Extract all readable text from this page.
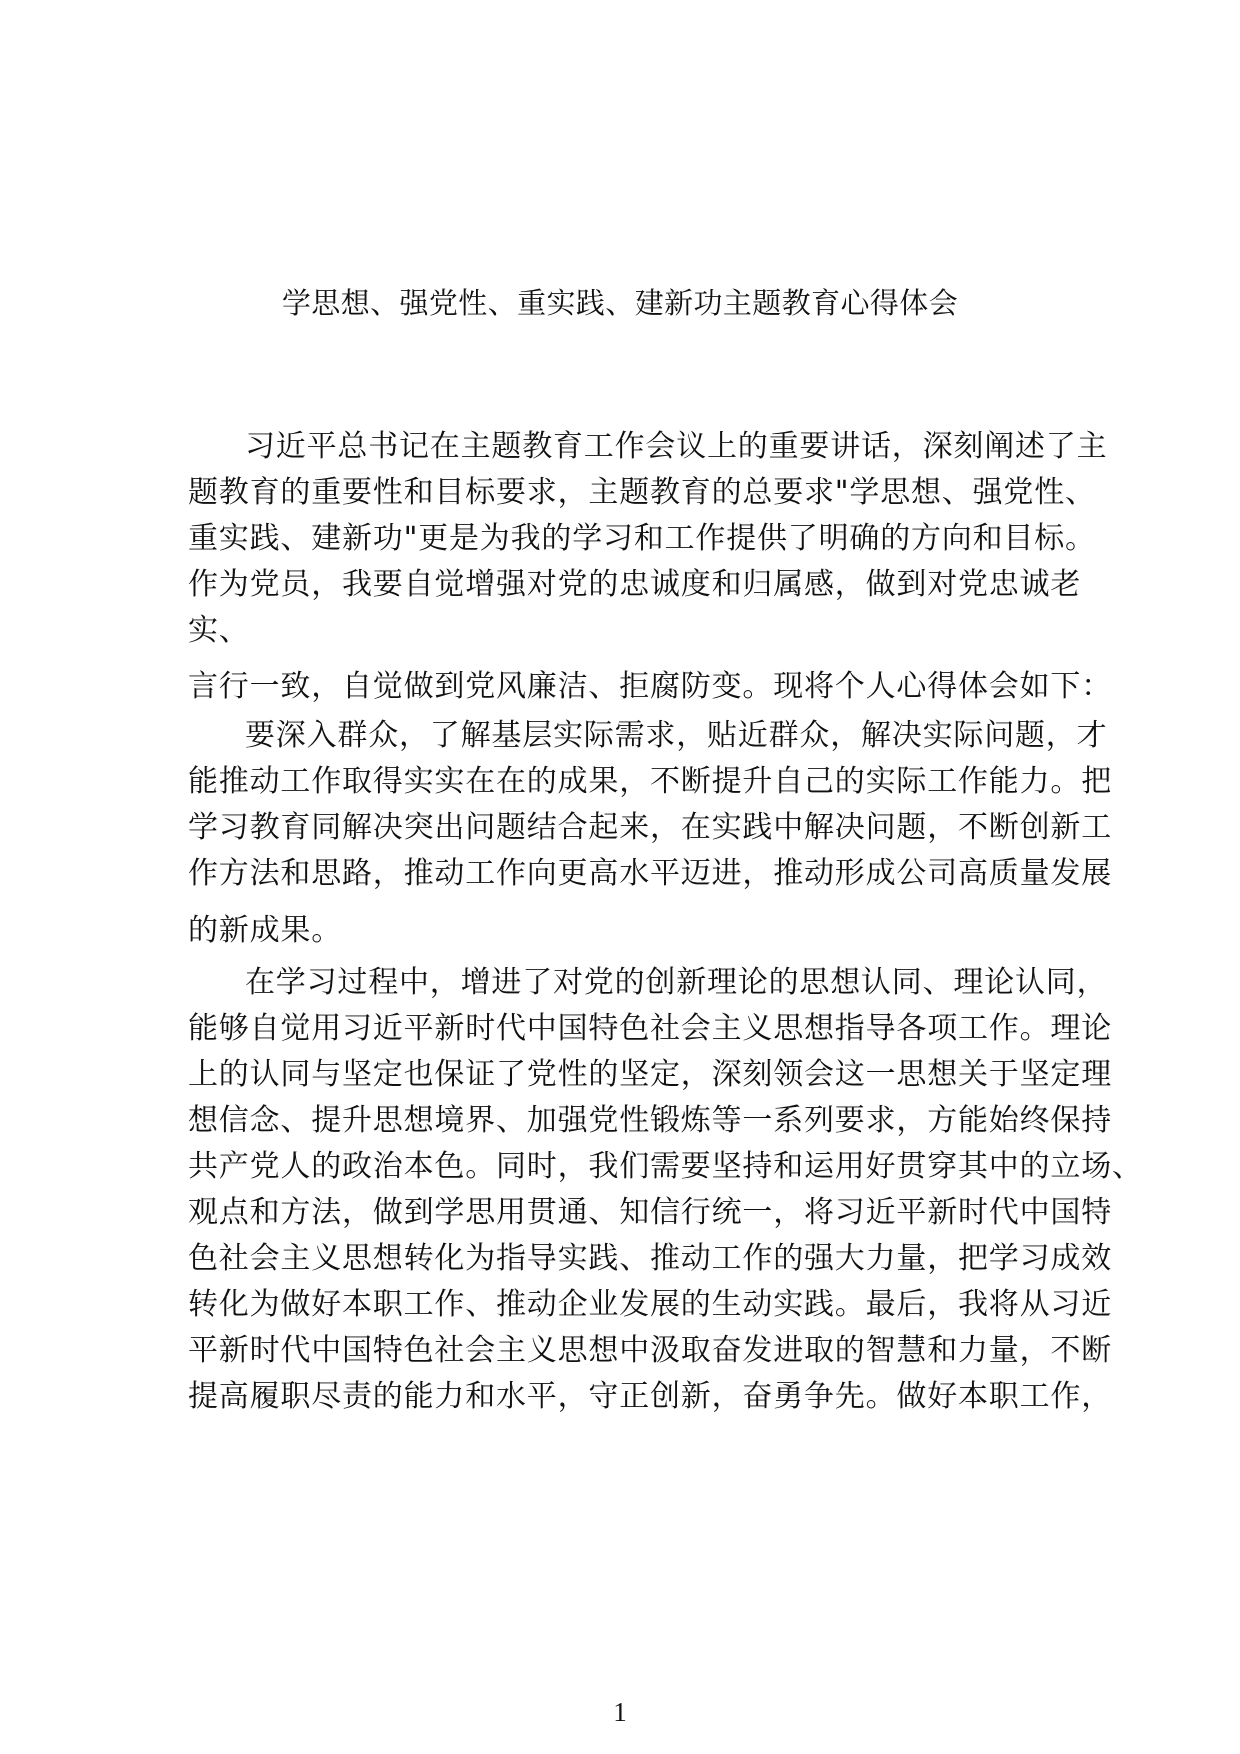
学思想、强党性、重实践、建新功主题教育心得体会
习近平总书记在主题教育工作会议上的重要讲话，深刻阐述了主
题教育的重要性和目标要求，主题教育的总要求"学思想、强党性、
重实践、建新功"更是为我的学习和工作提供了明确的方向和目标。
作为党员，我要自觉增强对党的忠诚度和归属感，做到对党忠诚老
实、
言行一致，自觉做到党风廉洁、拒腐防变。现将个人心得体会如下：
要深入群众，了解基层实际需求，贴近群众，解决实际问题，才
能推动工作取得实实在在的成果，不断提升自己的实际工作能力。把
学习教育同解决突出问题结合起来，在实践中解决问题，不断创新工
作方法和思路，推动工作向更高水平迈进，推动形成公司高质量发展
的新成果。
在学习过程中，增进了对党的创新理论的思想认同、理论认同，
能够自觉用习近平新时代中国特色社会主义思想指导各项工作。理论
上的认同与坚定也保证了党性的坚定，深刻领会这一思想关于坚定理
想信念、提升思想境界、加强党性锻炼等一系列要求，方能始终保持
共产党人的政治本色。同时，我们需要坚持和运用好贯穿其中的立场、
观点和方法，做到学思用贯通、知信行统一，将习近平新时代中国特
色社会主义思想转化为指导实践、推动工作的强大力量，把学习成效
转化为做好本职工作、推动企业发展的生动实践。最后，我将从习近
平新时代中国特色社会主义思想中汲取奋发进取的智慧和力量，不断
提高履职尽责的能力和水平，守正创新，奋勇争先。做好本职工作，
1
